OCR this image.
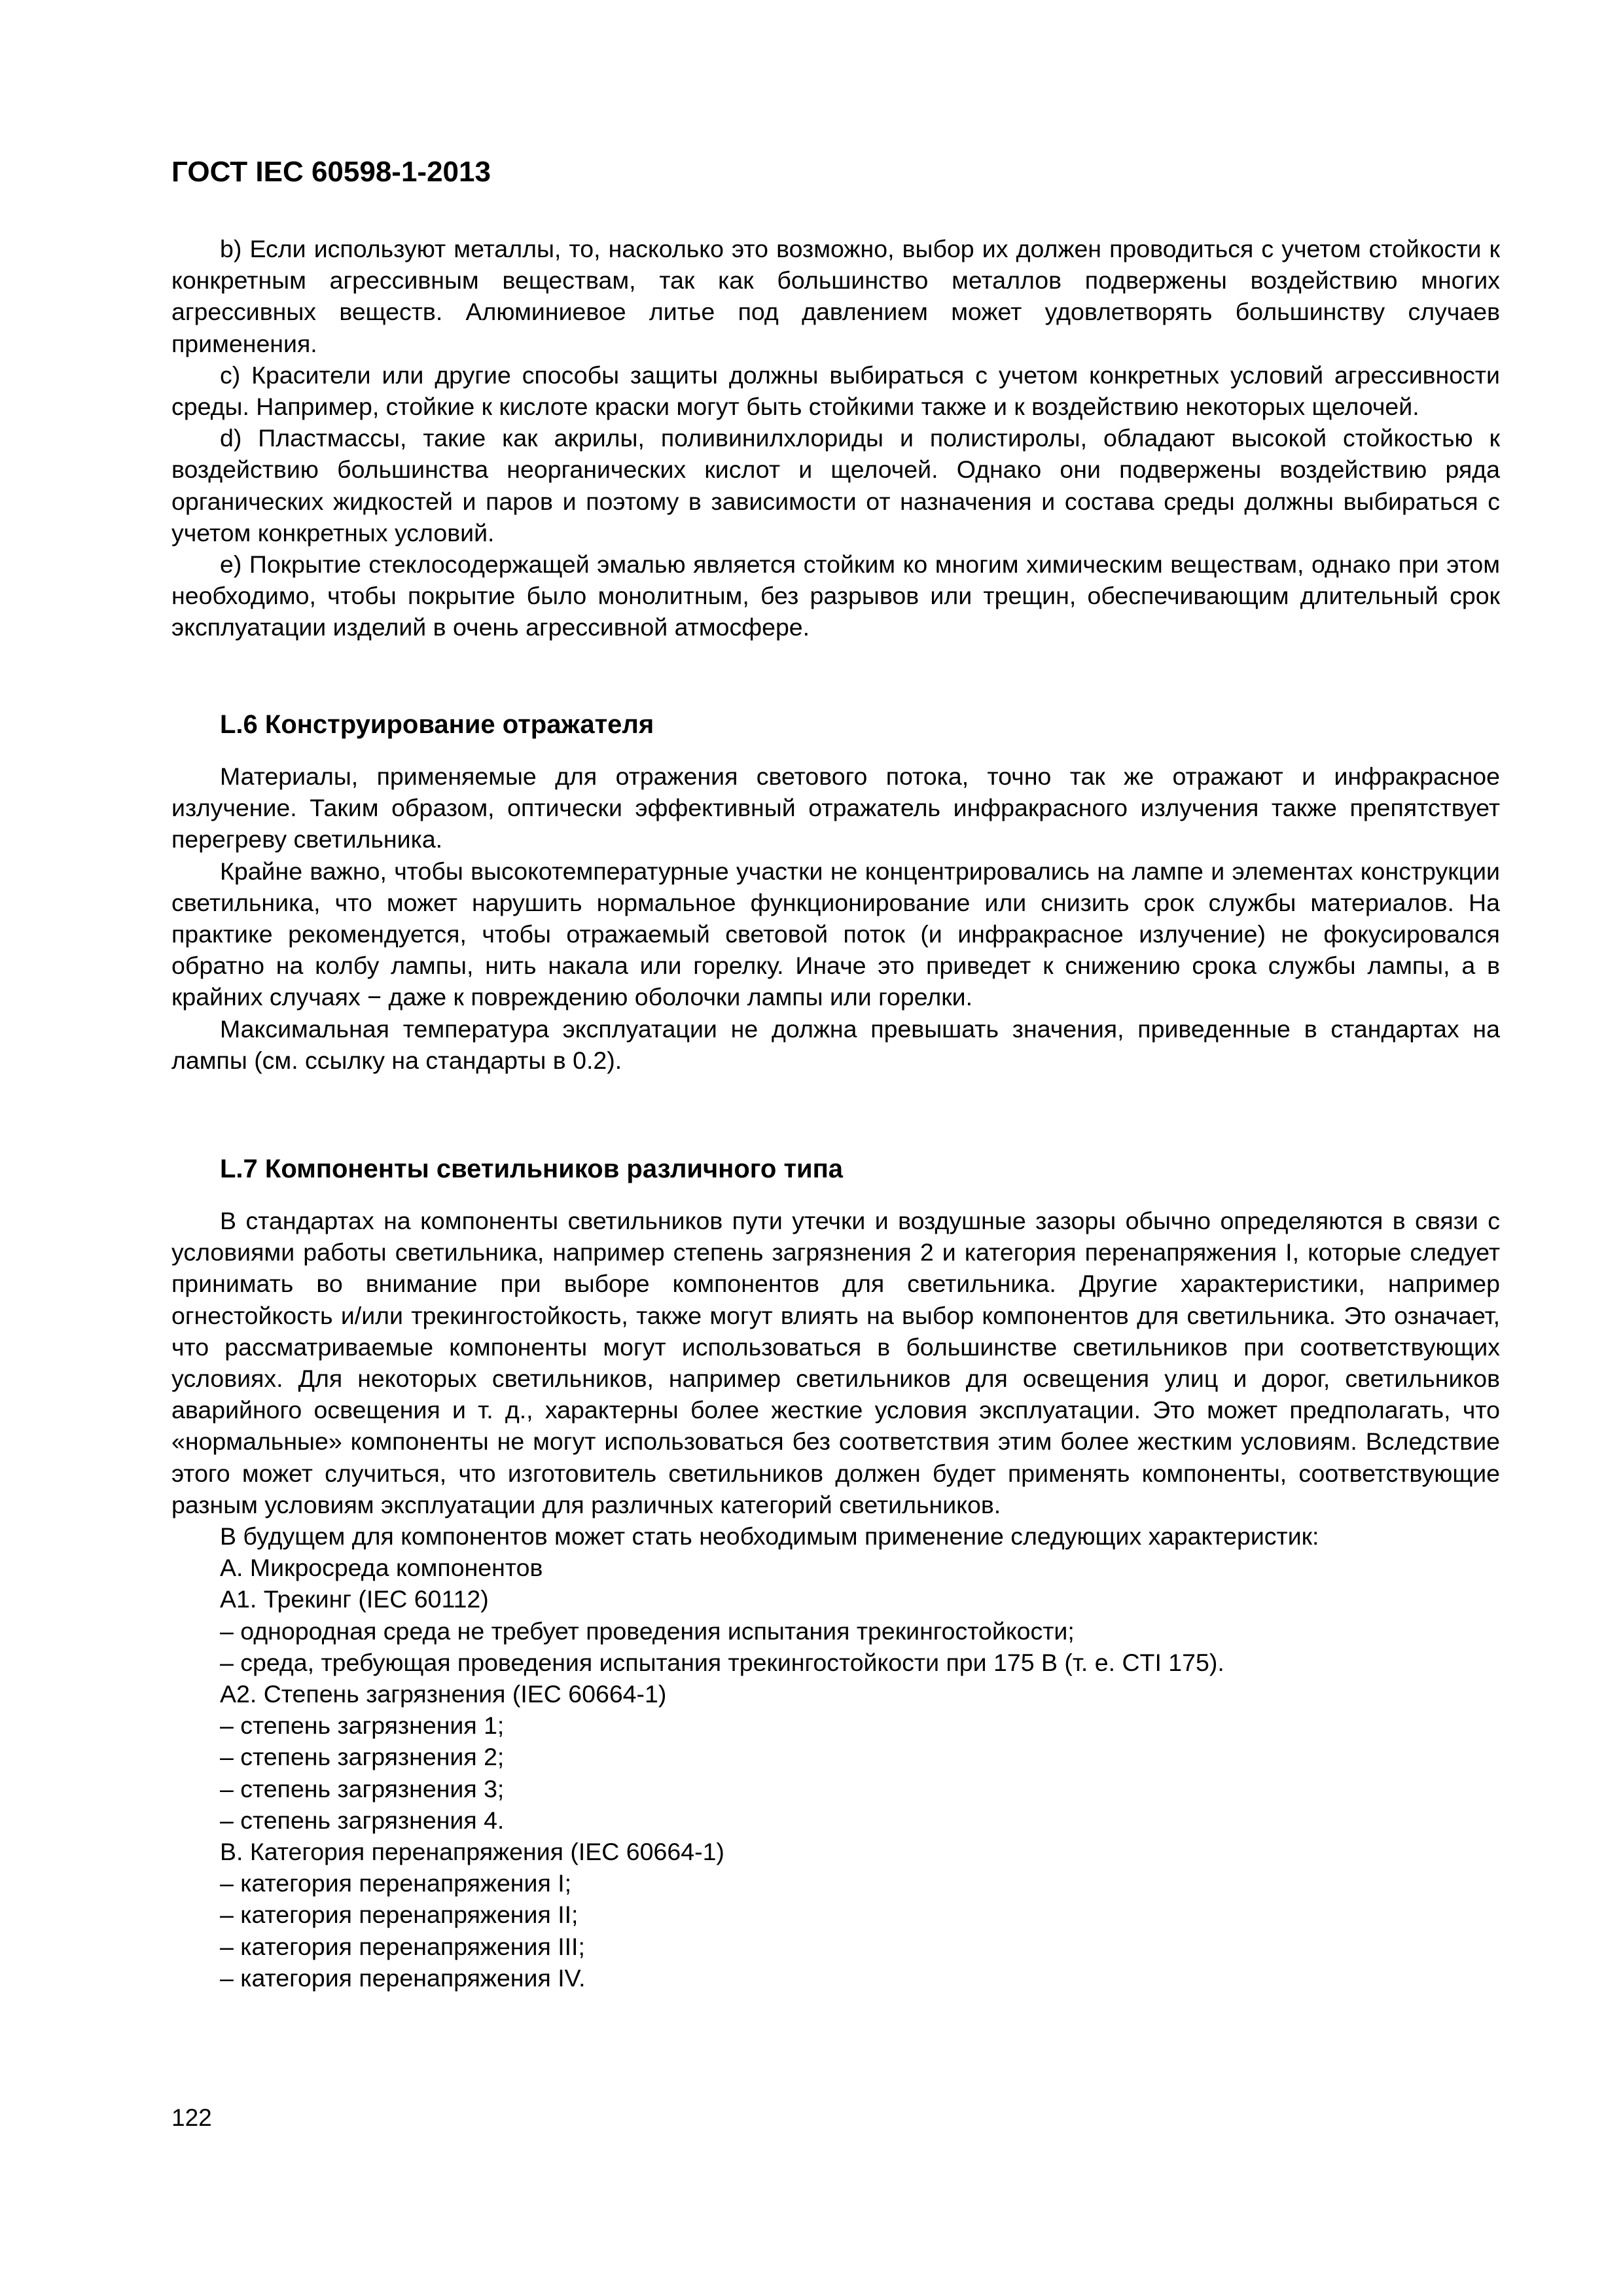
ГОСТ IEC 60598-1-2013

b) Если используют металлы, то, насколько это возможно, выбор их должен проводиться с учетом стойкости к конкретным агрессивным веществам, так как большинство металлов подвержены воздействию многих агрессивных веществ. Алюминиевое литье под давлением может удовлетворять большинству случаев применения.

c) Красители или другие способы защиты должны выбираться с учетом конкретных условий агрессивности среды. Например, стойкие к кислоте краски могут быть стойкими также и к воздействию некоторых щелочей.

d) Пластмассы, такие как акрилы, поливинилхлориды и полистиролы, обладают высокой стойкостью к воздействию большинства неорганических кислот и щелочей. Однако они подвержены воздействию ряда органических жидкостей и паров и поэтому в зависимости от назначения и состава среды должны выбираться с учетом конкретных условий.

e) Покрытие стеклосодержащей эмалью является стойким ко многим химическим веществам, однако при этом необходимо, чтобы покрытие было монолитным, без разрывов или трещин, обеспечивающим длительный срок эксплуатации изделий в очень агрессивной атмосфере.

L.6 Конструирование отражателя

Материалы, применяемые для отражения светового потока, точно так же отражают и инфракрасное излучение. Таким образом, оптически эффективный отражатель инфракрасного излучения также препятствует перегреву светильника.

Крайне важно, чтобы высокотемпературные участки не концентрировались на лампе и элементах конструкции светильника, что может нарушить нормальное функционирование или снизить срок службы материалов. На практике рекомендуется, чтобы отражаемый световой поток (и инфракрасное излучение) не фокусировался обратно на колбу лампы, нить накала или горелку. Иначе это приведет к снижению срока службы лампы, а в крайних случаях − даже к повреждению оболочки лампы или горелки.

Максимальная температура эксплуатации не должна превышать значения, приведенные в стандартах на лампы (см. ссылку на стандарты в 0.2).

L.7 Компоненты светильников различного типа

В стандартах на компоненты светильников пути утечки и воздушные зазоры обычно определяются в связи с условиями работы светильника, например степень загрязнения 2 и категория перенапряжения I, которые следует принимать во внимание при выборе компонентов для светильника. Другие характеристики, например огнестойкость и/или трекингостойкость, также могут влиять на выбор компонентов для светильника. Это означает, что рассматриваемые компоненты могут использоваться в большинстве светильников при соответствующих условиях. Для некоторых светильников, например светильников для освещения улиц и дорог, светильников аварийного освещения и т. д., характерны более жесткие условия эксплуатации. Это может предполагать, что «нормальные» компоненты не могут использоваться без соответствия этим более жестким условиям. Вследствие этого может случиться, что изготовитель светильников должен будет применять компоненты, соответствующие разным условиям эксплуатации для различных категорий светильников.

В будущем для компонентов может стать необходимым применение следующих характеристик:

А. Микросреда компонентов

А1. Трекинг (IEC 60112)

– однородная среда не требует проведения испытания трекингостойкости;

– среда, требующая проведения испытания трекингостойкости при 175 В (т. е. CTI 175).

А2. Степень загрязнения (IEC 60664-1)

– степень загрязнения 1;

– степень загрязнения 2;

– степень загрязнения 3;

– степень загрязнения 4.

В. Категория перенапряжения (IEC 60664-1)

– категория перенапряжения I;

– категория перенапряжения II;

– категория перенапряжения III;

– категория перенапряжения IV.

122
